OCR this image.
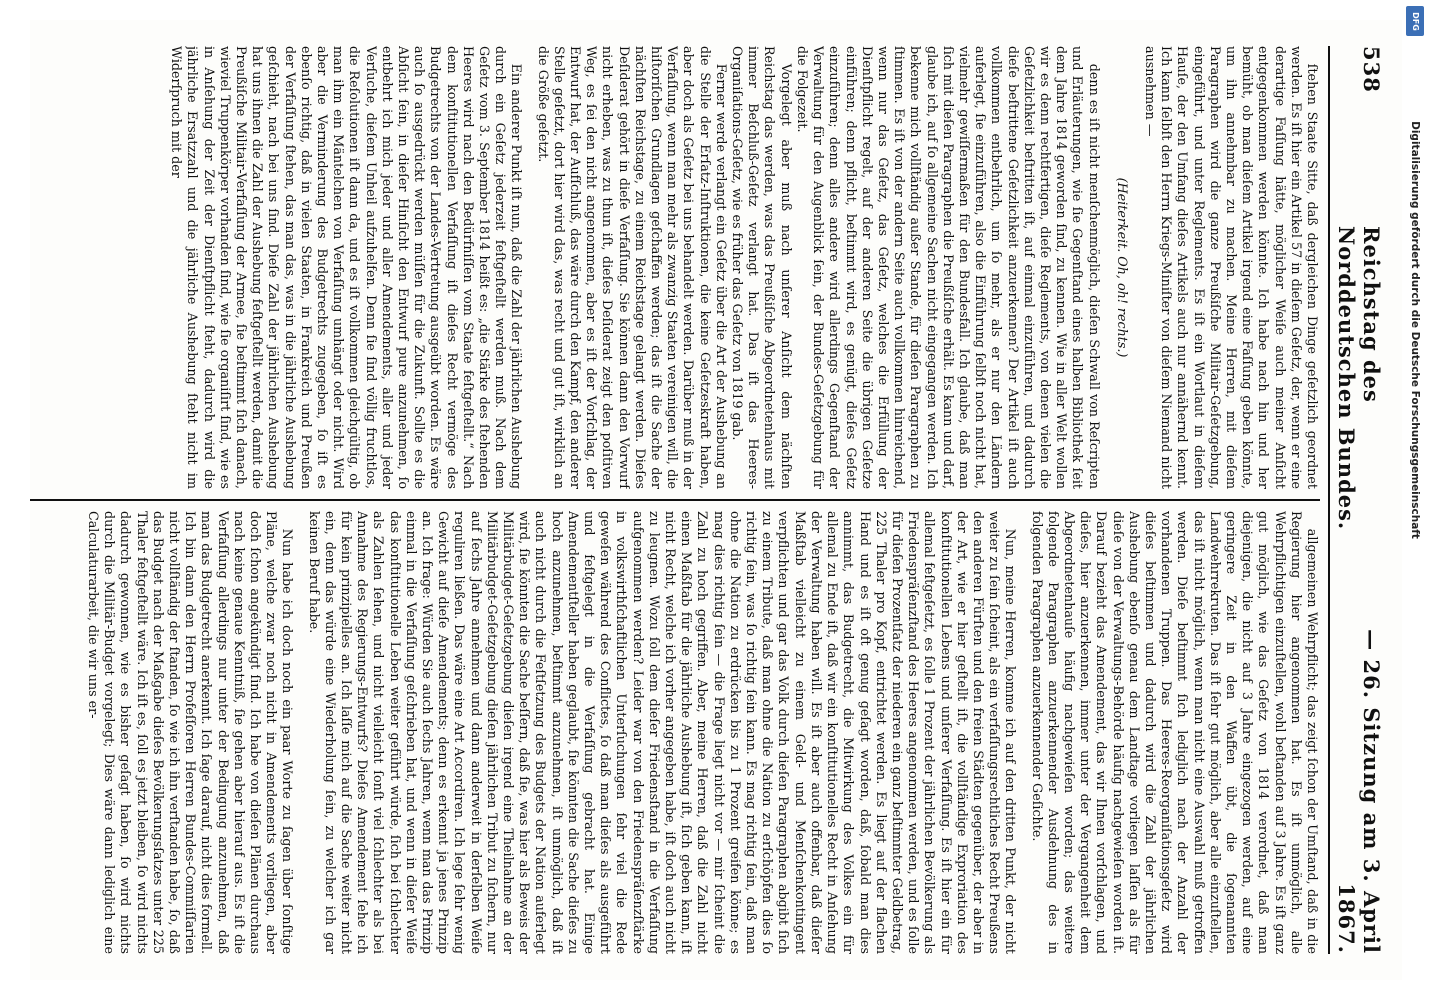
538
Reichstag des Norddeutschen Bundes.
— 26. Sitzung am 3. April 1867.

ſtehen Staate Sitte, daß dergleichen Dinge geſetzlich geordnet werden. Es iſt hier ein Artikel 57 in dieſem Geſetz, der, wenn er eine derartige Faſſung hätte, möglicher Weiſe auch meiner Anſicht entgegenkommen werden könnte. Ich habe nach hin und her bemüht, ob man dieſem Artikel irgend eine Faſſung geben könnte, um ihn annehmbar zu machen. Meine Herren, mit dieſem Paragraphen wird die ganze Preußiſche Militair-Geſetzgebung, eingeführt, und unter Reglements. Es iſt ein Wortlaut in dieſem Hauſe, der den Umfang dieſes Artikels auch nur annähernd kennt. Ich kann ſelbſt den Herrn Kriegs-Miniſter von dieſem Niemand nicht ausnehmen —

(Heiterkeit. Oh, oh! rechts.)

denn es iſt nicht menſchenmöglich, dieſen Schwall von Reſcripten und Erläuterungen, wie ſie Gegenſtand eines halben Bibliothek ſeit dem Jahre 1814 geworden ſind, zu kennen. Wie in aller Welt wollen wir es denn rechtfertigen, dieſe Reglements, von denen vielen die Geſetzlichkeit beſtritten iſt, auf einmal einzuführen, und dadurch dieſe beſtrittene Geſetzlichkeit anzuerkennen? Der Artikel iſt auch vollkommen entbehrlich, um ſo mehr, als er nur den Ländern auferlegt, ſie einzuführen, also die Einführung ſelbſt noch nicht hat, vielmehr gewiſſermaßen für den Bundesfall. Ich glaube, daß man ſich mit dieſen Paragraphen die Preußiſche erhält. Es kann und darf, glaube ich, auf ſo allgemeine Sachen nicht eingegangen werden. Ich bekenne mich vollſtändig außer Stande, für dieſen Paragraphen zu ſtimmen. Es iſt von der andern Seite auch vollkommen hinreichend, wenn nur das Geſetz, das Geſetz, welches die Erfüllung der Dienſtpflicht regelt, auf der anderen Seite die übrigen Geſetze einführen; denn pflicht, beſtimmt wird, es genügt, dieſes Geſetz einzuführen; denn alles andere wird allerdings Gegenſtand der Verwaltung für den Augenblick ſein, der Bundes-Geſetzgebung für die Folgezeit.

Vorgelegt aber muß nach unſerer Anſicht dem nächſten Reichstag das werden, was das Preußiſche Abgeordnetenhaus mit immer Beſchluß-Geſetz verlangt hat. Das iſt das Heeres-Organiſations-Geſetz, wie es früher das Geſetz von 1819 gab.

Ferner werde verlangt ein Geſetz über die Art der Aushebung an die Stelle der Erſatz-Inſtruktionen, die keine Geſetzeskraft haben, aber doch als Geſetz bei uns behandelt werden. Darüber muß in der Verfaſſung, wenn man mehr als zwanzig Staaten vereinigen will, die hiſtoriſchen Grundlagen geſchaffen werden; das iſt die Sache der nächſten Reichstage, zu einem Reichstage gelangt werden. Dieſes Deſiderat gehört in dieſe Verfaſſung. Sie können dann den Vorwurf nicht erheben, was zu thun iſt, dieſes Deſiderat zeigt den poſitiven Weg, es ſei den nicht angenommen, aber es iſt der Vorſchlag, der Entwurf hat, der Aufſchluß, das wäre durch den Kampf, den anderer Stelle geſetzt, dort hier wird das, was recht und gut iſt, wirklich an die Größe geſetzt.

Ein anderer Punkt iſt nun, daß die Zahl der jährlichen Aushebung durch ein Geſetz jederzeit feſtgeſtellt werden muß. Nach dem Geſetz vom 3. September 1814 heißt es: „die Stärke des ſtehenden Heeres wird nach den Bedürfniſſen vom Staate feſtgeſtellt.“ Nach dem konſtitutionellen Verfaſſung iſt dieſes Recht vermöge des Budgetrechts von der Landes-Vertretung ausgeübt worden. Es wäre auch ſo ausgedrückt werden müſſen für die Zukunft. Sollte es die Abſicht ſein, in dieſer Hinſicht den Entwurf pure anzunehmen, ſo entbehrt ich mich jeder und aller Amendements, aller und jeder Verſuche, dieſem Unheil aufzuhelfen. Denn ſie ſind völlig fruchtlos, die Reſolutionen iſt dann da, und es iſt vollkommen gleichgültig, ob man ihm ein Mäntelchen von Verfaſſung umhängt oder nicht. Wird aber die Verminderung des Budgetrechts zugegeben, ſo iſt es ebenſo richtig, daß in vielen Staaten, in Frankreich und Preußen der Verfaſſung ſtehen, das man das, was in die jährliche Aushebung geſchieht, nach bei uns ſind. Dieſe Zahl der jährlichen Aushebung hat uns ihnen die Zahl der Aushebung feſtgeſtellt werden, damit die Preußiſche Militair-Verfaſſung der Armee, ſie beſtimmt ſich danach, wieviel Truppenkörper vorhanden ſind, wie ſie organiſirt ſind, wie es in Anſehung der Zeit der Dienſtpflicht ſteht, dadurch wird die jährliche Ersatzzahl und die jährliche Aushebung ſteht nicht im Widerſpruch mit der

allgemeinen Wehrpflicht; das zeigt ſchon der Umſtand, daß in die Regierung hier angenommen hat. Es iſt unmöglich, alle Wehrpflichtigen einzuſtellen, wohl beſtanden auf 3 Jahre. Es iſt ganz gut möglich, wie das Geſetz von 1814 verordnet, daß man diejenigen, die nicht auf 3 Jahre eingezogen werden, auf eine geringere Zeit in den Waffen übt, die ſogenannten Landwehrrekruten. Das iſt ſehr gut möglich, aber alle einzuſtellen, das iſt nicht möglich, wenn man nicht eine Auswahl muß getroffen werden. Dieſe beſtimmt ſich lediglich nach der Anzahl der vorhandenen Truppen. Das Heeres-Reorganiſationsgeſetz wird dieſes beſtimmen und dadurch wird die Zahl der jährlichen Aushebung ebenſo genau dem Landtage vorliegen laſſen als für dieſe von der Verwaltungs-Behörde häufig nachgewieſen worden iſt. Darauf bezieht das Amendement, das wir Ihnen vorſchlagen, und dieſes, hier anzuerkennen, immer unter der Vergangenheit dem Abgeordnetenhauſe häufig nachgewieſen worden; das weitere folgende Paragraphen anzuerkennender Ausdehnung des in folgenden Paragraphen anzuerkennender Geſichte.

Nun, meine Herren, komme ich auf den dritten Punkt, der nicht weiter zu ſein ſcheint, als ein verfaſſungsrechtliches Recht Preußens den anderen Fürſten und den freien Städten gegenüber, der aber in der Art, wie er hier geſtellt iſt, die vollſtändige Exproriation des konſtitutionellen Lebens und unſerer Verfaſſung. Es iſt hier ein für allemal feſtgeſetzt, es ſolle 1 Prozent der jährlichen Bevölkerung als Friedenspräſenzſtand des Heeres angenommen werden, und es ſolle für dieſen Prozentſatz der niederen ein ganz beſtimmter Geldbetrag, 225 Thaler pro Kopf, entrichtet werden. Es liegt auf der flachen Hand und es iſt oft genug geſagt worden, daß, ſobald man dies annimmt, das Budgetrecht, die Mitwirkung des Volkes ein für allemal zu Ende iſt, daß wir ein konſtitutionelles Recht in Anſehung der Verwaltung haben will. Es iſt aber auch offenbar, daß dieſer Maßſtab vielleicht zu einem Geld- und Menſchenkontingent verpflichten und gar das Volk durch dieſen Paragraphen abgibt ſich zu einem Tribute, daß man ohne die Nation zu erſchöpfen dies ſo richtig ſein, was ſo richtig ſein kann. Es mag richtig ſein, daß man ohne die Nation zu erdrücken bis zu 1 Prozent greifen könne; es mag dies richtig ſein — die Frage liegt nicht vor — mir ſcheint die Zahl zu hoch gegriffen. Aber, meine Herren, daß die Zahl nicht einen Maßſtab für die jährliche Aushebung iſt, ſich geben kann, iſt nicht Recht, welche ich vorher angegeben habe, iſt doch auch nicht zu leugnen. Wozu ſoll dem dieſer Friedensſtand in die Verfaſſung aufgenommen werden? Leider war von den Friedenspräſenzſtärke in volkswirthſchaftlichen Unterſuchungen ſehr viel die Rede geweſen während des Conflictes, ſo daß man dieſes als ausgeführt und feſtgelegt in die Verfaſſung gebracht hat. Einige Amendementſteller haben geglaubt, ſie könnten die Sache dieſes zu hoch anzunehmen, beſtimmt anzunehmen, iſt unmöglich, daß iſt auch nicht durch die Feſtſetzung des Budgets der Nation auferlegt wird, ſie könnten die Sache beſſern, daß ſie, was hier als Beweis der Militärbudget-Geſetzgebung dieſen irgend eine Theilnahme an der Militärbudget-Geſetzgebung dieſen jährlichen Tribut zu ſichern, nur auf ſechs Jahre annehmen und dann anderweit in derſelben Weiſe reguliren ließen. Das wäre eine Art Accordiren. Ich lege ſehr wenig Gewicht auf dieſe Amendements; denn es erkennt ja jenes Prinzip an. Ich frage: Würden Sie auch ſechs Jahren, wenn man das Prinzip einmal in die Verfaſſung geſchrieben hat, und wenn in dieſer Weiſe das konſtitutionelle Leben weiter geführt würde, ſich bei ſchlechter als Zahlen ſehen, und nicht vielleicht ſonſt viel ſchlechter als bei Annahme des Regierungs-Entwurfs? Dieſes Amendement ſehe ich für kein prinzipielles an. Ich laſſe mich auf die Sache weiter nicht ein, denn das würde eine Wiederholung ſein, zu welcher ich gar keinen Beruf habe.

Nun habe ich doch noch ein paar Worte zu ſagen über ſonſtige Pläne, welche zwar noch nicht in Amendements vorliegen, aber doch ſchon angekündigt ſind. Ich habe von dieſen Plänen durchaus nach keine genaue Kenntniß, ſie gehen aber hierauf aus. Es iſt die Verfaſſung allerdings nur unter der Bedingung anzunehmen, daß man das Budgetrecht anerkennt. Ich ſage darauf, nicht dies formell. Ich bin dann den Herrn Profeſſoren Herren Bundes-Commiſſarien nicht vollſtändig der ſtanden, ſo wie ich ihn verſtanden habe, ſo, daß das Budget nach der Maßgabe dieſes Bevölkerungsſatzes unter 225 Thaler feſtgeſtellt wäre. Ich iſt es, ſoll es jetzt bleiben, ſo wird nichts dadurch gewonnen, wie es bisher geſagt haben, ſo wird nichts durch die Militär-Budget vorgelegt; Dies wäre dann lediglich eine Calculaturarbeit, die wir uns er-

DFG
Digitalisierung gefördert durch die Deutsche Forschungsgemeinschaft
